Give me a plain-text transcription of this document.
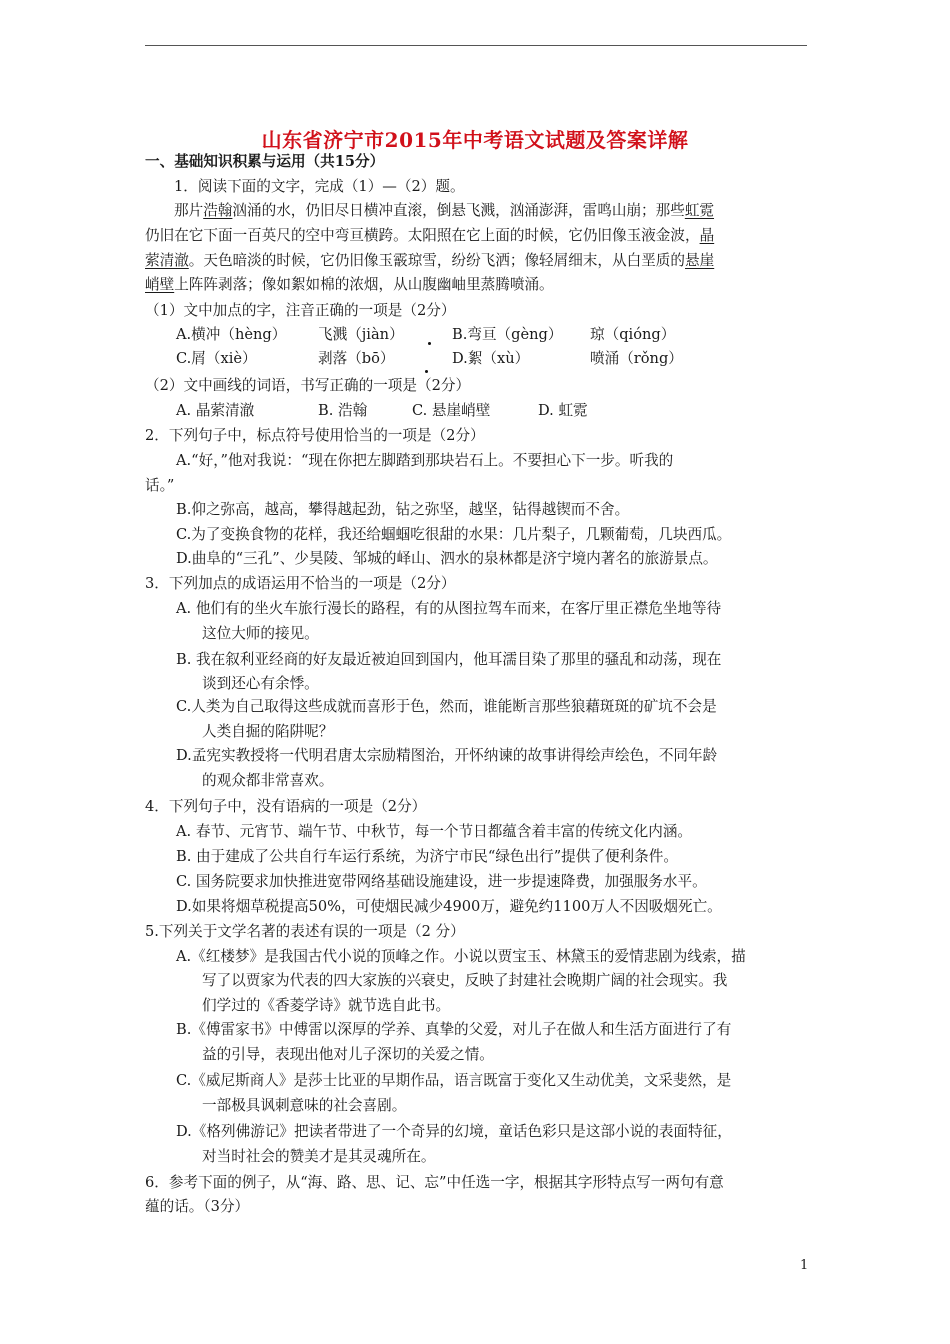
山东省济宁市2015年中考语文试题及答案详解
一、基础知识积累与运用（共15分）
1．阅读下面的文字，完成（1）—（2）题。
那片浩翰汹涌的水，仍旧尽日横冲直滚，倒悬飞溅，汹涌澎湃，雷鸣山崩；那些虹霓
仍旧在它下面一百英尺的空中弯亘横跨。太阳照在它上面的时候，它仍旧像玉液金波，晶
萦清澈。天色暗淡的时候，它仍旧像玉霰琼雪，纷纷飞洒；像轻屑细末，从白垩质的悬崖
峭壁上阵阵剥落；像如絮如棉的浓烟，从山腹幽岫里蒸腾喷涌。
（1）文中加点的字，注音正确的一项是（2分）
A.横冲（hèng） 飞溅（jiàn）	B.弯亘（gèng） 琼（qióng）
C.屑（xiè）	剥落（bō）	D.絮（xù）	喷涌（rǒng）
（2）文中画线的词语，书写正确的一项是（2分）
A. 晶萦清澈	B. 浩翰	C. 悬崖峭壁	D. 虹霓
2．下列句子中，标点符号使用恰当的一项是（2分）
A.“好，”他对我说：“现在你把左脚踏到那块岩石上。不要担心下一步。听我的
话。”
B.仰之弥高，越高，攀得越起劲，钻之弥坚，越坚，钻得越锲而不舍。
C.为了变换食物的花样，我还给蝈蝈吃很甜的水果：几片梨子，几颗葡萄，几块西瓜。
D.曲阜的“三孔”、少昊陵、邹城的峄山、泗水的泉林都是济宁境内著名的旅游景点。
3．下列加点的成语运用不恰当的一项是（2分）
A. 他们有的坐火车旅行漫长的路程，有的从图拉驾车而来，在客厅里正襟危坐地等待
这位大师的接见。
B. 我在叙利亚经商的好友最近被迫回到国内，他耳濡目染了那里的骚乱和动荡，现在
谈到还心有余悸。
C.人类为自己取得这些成就而喜形于色，然而，谁能断言那些狼藉斑斑的矿坑不会是
人类自掘的陷阱呢？
D.孟宪实教授将一代明君唐太宗励精图治，开怀纳谏的故事讲得绘声绘色，不同年龄
的观众都非常喜欢。
4．下列句子中，没有语病的一项是（2分）
A. 春节、元宵节、端午节、中秋节，每一个节日都蕴含着丰富的传统文化内涵。
B. 由于建成了公共自行车运行系统，为济宁市民“绿色出行”提供了便利条件。
C. 国务院要求加快推进宽带网络基础设施建设，进一步提速降费，加强服务水平。
D.如果将烟草税提高50%，可使烟民减少4900万，避免约1100万人不因吸烟死亡。
5.下列关于文学名著的表述有误的一项是（2 分）
A.《红楼梦》是我国古代小说的顶峰之作。小说以贾宝玉、林黛玉的爱情悲剧为线索，描
写了以贾家为代表的四大家族的兴衰史，反映了封建社会晚期广阔的社会现实。我
们学过的《香菱学诗》就节选自此书。
B.《傅雷家书》中傅雷以深厚的学养、真挚的父爱，对儿子在做人和生活方面进行了有
益的引导，表现出他对儿子深切的关爱之情。
C.《威尼斯商人》是莎士比亚的早期作品，语言既富于变化又生动优美，文采斐然，是
一部极具讽刺意味的社会喜剧。
D.《格列佛游记》把读者带进了一个奇异的幻境，童话色彩只是这部小说的表面特征，
对当时社会的赞美才是其灵魂所在。
6．参考下面的例子，从“海、路、思、记、忘”中任选一字，根据其字形特点写一两句有意
蕴的话。（3分）
1
